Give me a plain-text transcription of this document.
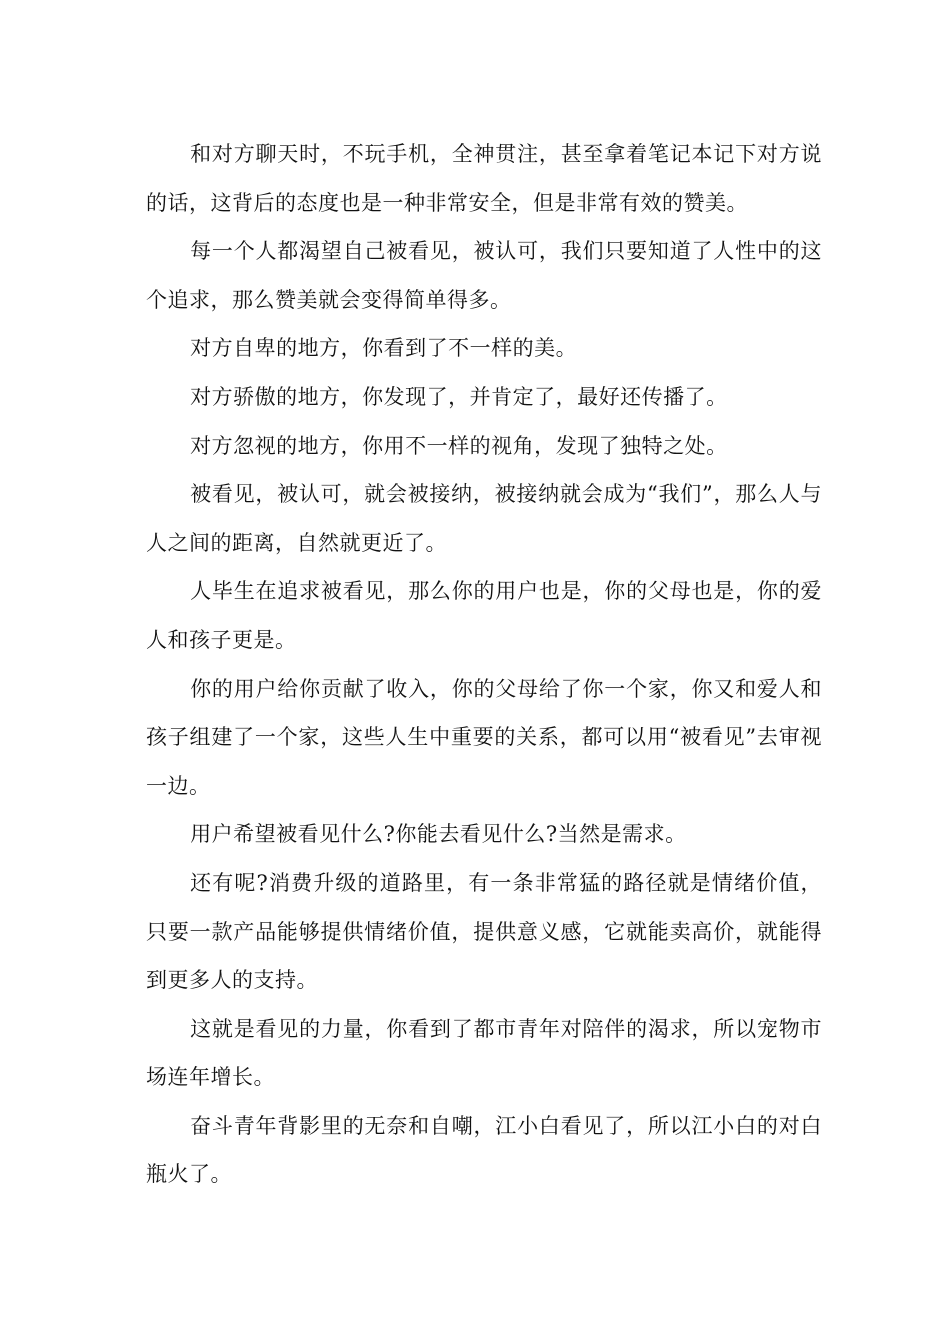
和对方聊天时，不玩手机，全神贯注，甚至拿着笔记本记下对方说的话，这背后的态度也是一种非常安全，但是非常有效的赞美。

每一个人都渴望自己被看见，被认可，我们只要知道了人性中的这个追求，那么赞美就会变得简单得多。

对方自卑的地方，你看到了不一样的美。

对方骄傲的地方，你发现了，并肯定了，最好还传播了。

对方忽视的地方，你用不一样的视角，发现了独特之处。

被看见，被认可，就会被接纳，被接纳就会成为“我们”，那么人与人之间的距离，自然就更近了。

人毕生在追求被看见，那么你的用户也是，你的父母也是，你的爱人和孩子更是。

你的用户给你贡献了收入，你的父母给了你一个家，你又和爱人和孩子组建了一个家，这些人生中重要的关系，都可以用“被看见”去审视一边。

用户希望被看见什么?你能去看见什么?当然是需求。

还有呢?消费升级的道路里，有一条非常猛的路径就是情绪价值，只要一款产品能够提供情绪价值，提供意义感，它就能卖高价，就能得到更多人的支持。

这就是看见的力量，你看到了都市青年对陪伴的渴求，所以宠物市场连年增长。

奋斗青年背影里的无奈和自嘲，江小白看见了，所以江小白的对白瓶火了。
